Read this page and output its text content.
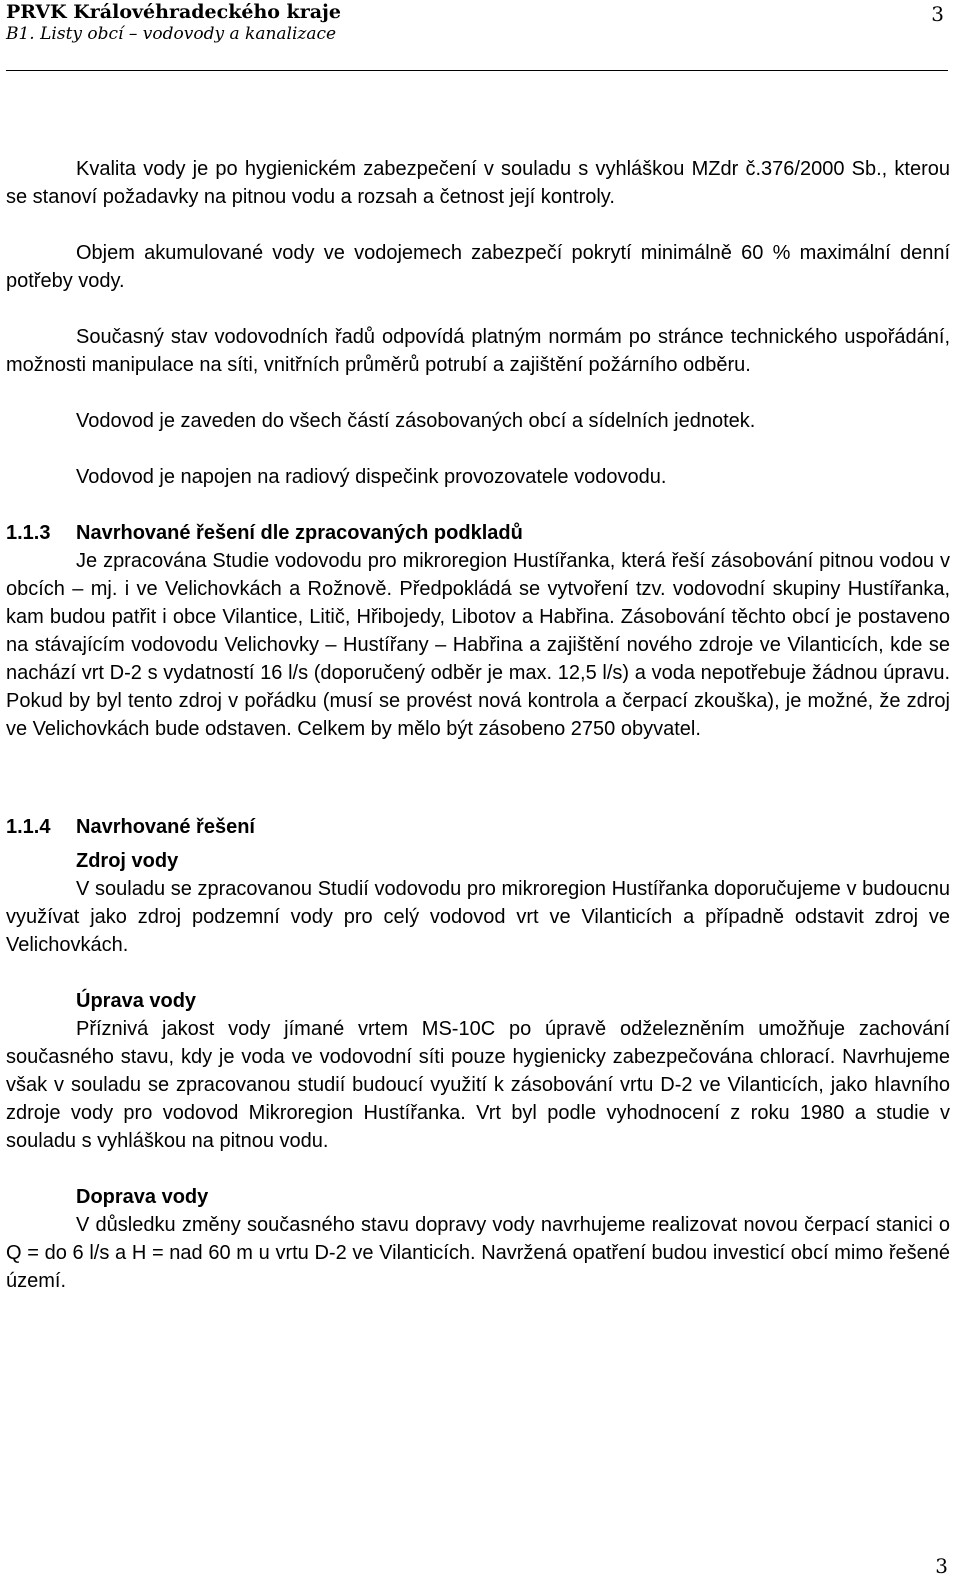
PRVK Královéhradeckého kraje
B1. Listy obcí – vodovody a kanalizace
3

Kvalita vody je po hygienickém zabezpečení v souladu s vyhláškou MZdr č.376/2000 Sb., kterou se stanoví požadavky na pitnou vodu a rozsah a četnost její kontroly.

Objem akumulované vody ve vodojemech zabezpečí pokrytí minimálně 60 % maximální denní potřeby vody.

Současný stav vodovodních řadů odpovídá platným normám po stránce technického uspořádání, možnosti manipulace na síti, vnitřních průměrů potrubí a zajištění požárního odběru.

Vodovod je zaveden do všech částí zásobovaných obcí a sídelních jednotek.

Vodovod je napojen na radiový dispečink provozovatele vodovodu.

1.1.3 Navrhované řešení dle zpracovaných podkladů

Je zpracována Studie vodovodu pro mikroregion Hustířanka, která řeší zásobování pitnou vodou v obcích – mj. i ve Velichovkách a Rožnově. Předpokládá se vytvoření tzv. vodovodní skupiny Hustířanka, kam budou patřit i obce Vilantice, Litič, Hřibojedy, Libotov a Habřina. Zásobování těchto obcí je postaveno na stávajícím vodovodu Velichovky – Hustířany – Habřina a zajištění nového zdroje ve Vilanticích, kde se nachází vrt D-2 s vydatností 16 l/s (doporučený odběr je max. 12,5 l/s) a voda nepotřebuje žádnou úpravu. Pokud by byl tento zdroj v pořádku (musí se provést nová kontrola a čerpací zkouška), je možné, že zdroj ve Velichovkách bude odstaven. Celkem by mělo být zásobeno 2750 obyvatel.

1.1.4 Navrhované řešení

Zdroj vody

V souladu se zpracovanou Studií vodovodu pro mikroregion Hustířanka doporučujeme v budoucnu využívat jako zdroj podzemní vody pro celý vodovod vrt ve Vilanticích a případně odstavit zdroj ve Velichovkách.

Úprava vody

Příznivá jakost vody jímané vrtem MS-10C po úpravě odželezněním umožňuje zachování současného stavu, kdy je voda ve vodovodní síti pouze hygienicky zabezpečována chlorací. Navrhujeme však v souladu se zpracovanou studií budoucí využití k zásobování vrtu D-2 ve Vilanticích, jako hlavního zdroje vody pro vodovod Mikroregion Hustířanka. Vrt byl podle vyhodnocení z roku 1980 a studie v souladu s vyhláškou na pitnou vodu.

Doprava vody

V důsledku změny současného stavu dopravy vody navrhujeme realizovat novou čerpací stanici o Q = do 6 l/s a H = nad 60 m u vrtu D-2 ve Vilanticích. Navržená opatření budou investicí obcí mimo řešené území.

3
